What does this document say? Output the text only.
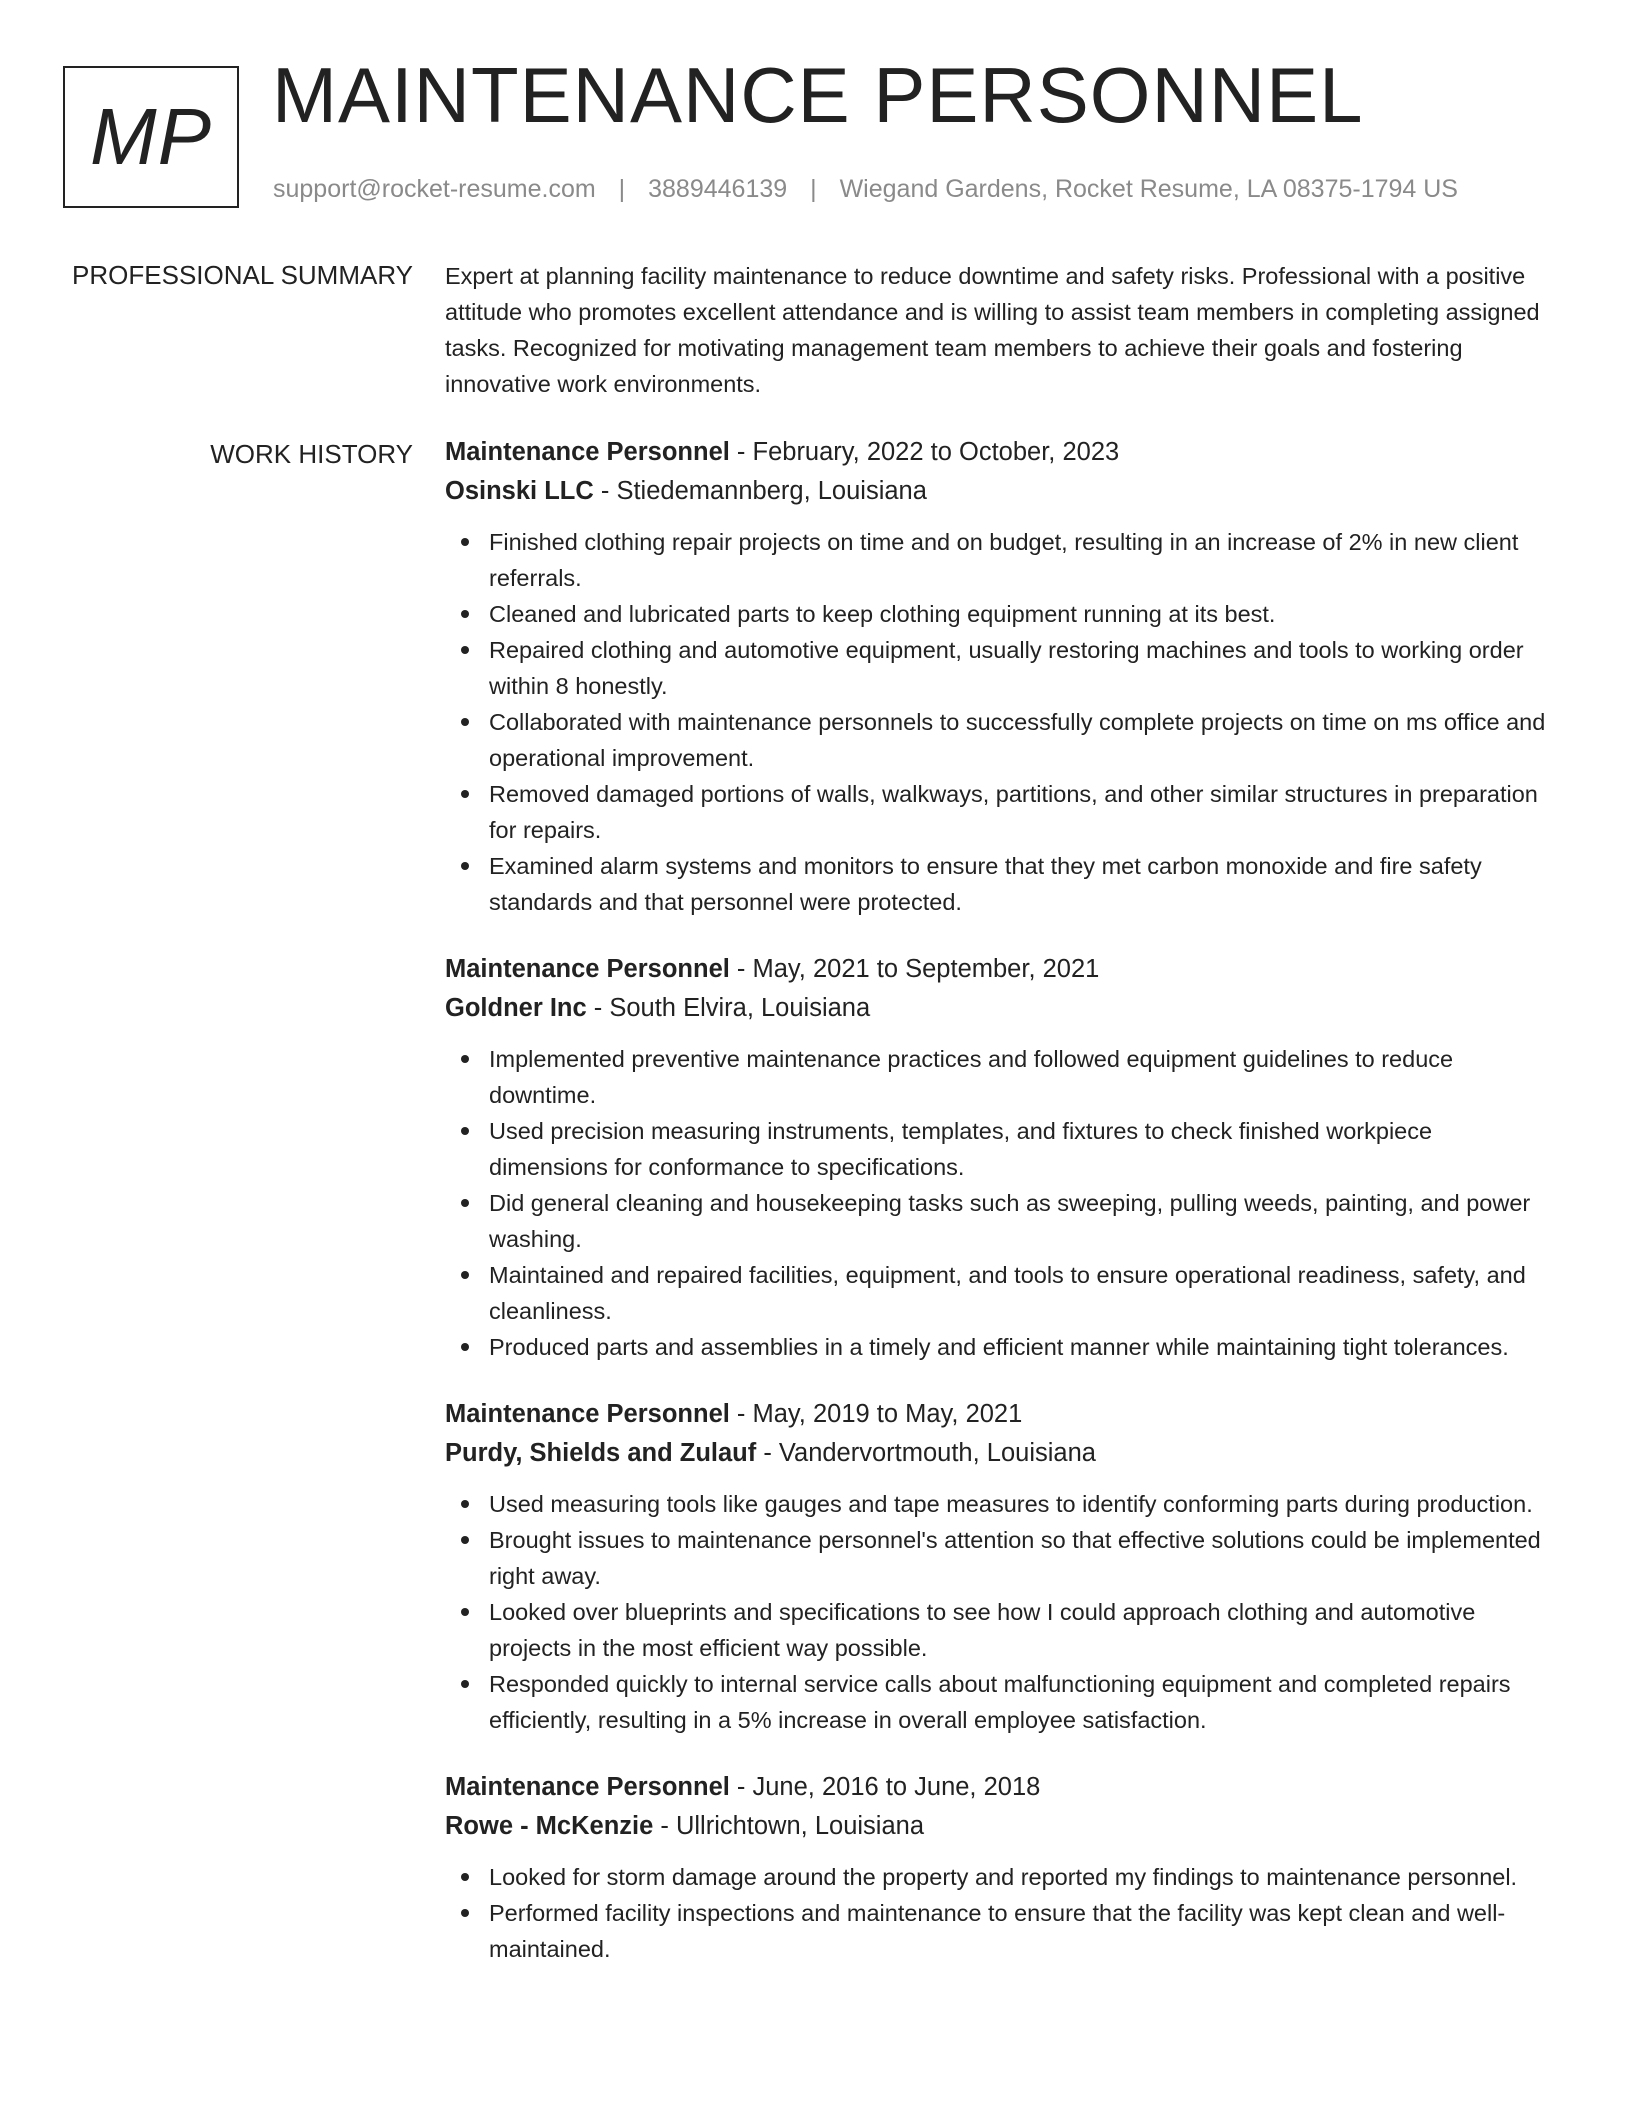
MP MAINTENANCE PERSONNEL
support@rocket-resume.com | 3889446139 | Wiegand Gardens, Rocket Resume, LA 08375-1794 US
PROFESSIONAL SUMMARY Expert at planning facility maintenance to reduce downtime and safety risks. Professional with a positive attitude who promotes excellent attendance and is willing to assist team members in completing assigned tasks. Recognized for motivating management team members to achieve their goals and fostering innovative work environments.

WORK HISTORY Maintenance Personnel - February, 2022 to October, 2023
Osinski LLC - Stiedemannberg, Louisiana
Finished clothing repair projects on time and on budget, resulting in an increase of 2% in new client referrals.
Cleaned and lubricated parts to keep clothing equipment running at its best.
Repaired clothing and automotive equipment, usually restoring machines and tools to working order within 8 honestly.
Collaborated with maintenance personnels to successfully complete projects on time on ms office and operational improvement.
Removed damaged portions of walls, walkways, partitions, and other similar structures in preparation for repairs.
Examined alarm systems and monitors to ensure that they met carbon monoxide and fire safety standards and that personnel were protected.
Maintenance Personnel - May, 2021 to September, 2021
Goldner Inc - South Elvira, Louisiana
Implemented preventive maintenance practices and followed equipment guidelines to reduce downtime.
Used precision measuring instruments, templates, and fixtures to check finished workpiece dimensions for conformance to specifications.
Did general cleaning and housekeeping tasks such as sweeping, pulling weeds, painting, and power washing.
Maintained and repaired facilities, equipment, and tools to ensure operational readiness, safety, and cleanliness.
Produced parts and assemblies in a timely and efficient manner while maintaining tight tolerances.
Maintenance Personnel - May, 2019 to May, 2021
Purdy, Shields and Zulauf - Vandervortmouth, Louisiana
Used measuring tools like gauges and tape measures to identify conforming parts during production.
Brought issues to maintenance personnel's attention so that effective solutions could be implemented right away.
Looked over blueprints and specifications to see how I could approach clothing and automotive projects in the most efficient way possible.
Responded quickly to internal service calls about malfunctioning equipment and completed repairs efficiently, resulting in a 5% increase in overall employee satisfaction.
Maintenance Personnel - June, 2016 to June, 2018
Rowe - McKenzie - Ullrichtown, Louisiana
Looked for storm damage around the property and reported my findings to maintenance personnel.
Performed facility inspections and maintenance to ensure that the facility was kept clean and well-maintained.
